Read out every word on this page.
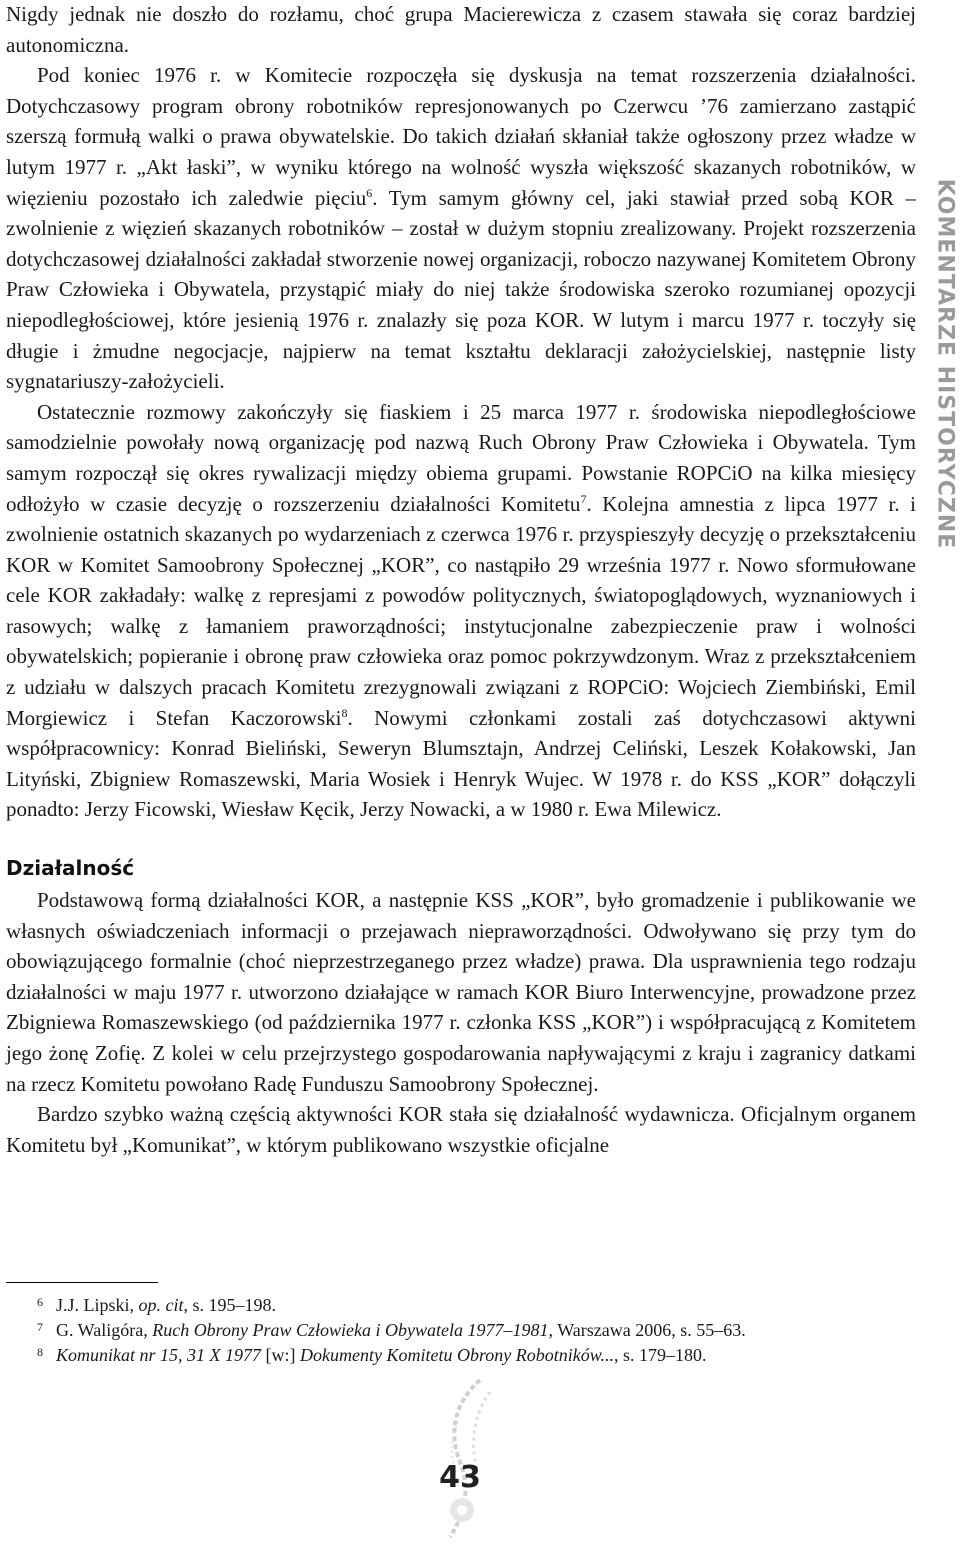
Nigdy jednak nie doszło do rozłamu, choć grupa Macierewicza z czasem stawała się coraz bardziej autonomiczna.

Pod koniec 1976 r. w Komitecie rozpoczęła się dyskusja na temat rozszerzenia działalności. Dotychczasowy program obrony robotników represjonowanych po Czerwcu ’76 zamierzano zastąpić szerszą formułą walki o prawa obywatelskie. Do takich działań skłaniał także ogłoszony przez władze w lutym 1977 r. „Akt łaski”, w wyniku którego na wolność wyszła większość skazanych robotników, w więzieniu pozostało ich zaledwie pięciu$^6$. Tym samym główny cel, jaki stawiał przed sobą KOR – zwolnienie z więzień skazanych robotników – został w dużym stopniu zrealizowany. Projekt rozszerzenia dotychczasowej działalności zakładał stworzenie nowej organizacji, roboczo nazywanej Komitetem Obrony Praw Człowieka i Obywatela, przystąpić miały do niej także środowiska szeroko rozumianej opozycji niepodległościowej, które jesienią 1976 r. znalazły się poza KOR. W lutym i marcu 1977 r. toczyły się długie i żmudne negocjacje, najpierw na temat kształtu deklaracji założycielskiej, następnie listy sygnatariuszy-założycieli.

Ostatecznie rozmowy zakończyły się fiaskiem i 25 marca 1977 r. środowiska niepodległościowe samodzielnie powołały nową organizację pod nazwą Ruch Obrony Praw Człowieka i Obywatela. Tym samym rozpoczął się okres rywalizacji między obiema grupami. Powstanie ROPCiO na kilka miesięcy odłożyło w czasie decyzję o rozszerzeniu działalności Komitetu$^7$. Kolejna amnestia z lipca 1977 r. i zwolnienie ostatnich skazanych po wydarzeniach z czerwca 1976 r. przyspieszyły decyzję o przekształceniu KOR w Komitet Samoobrony Społecznej „KOR”, co nastąpiło 29 września 1977 r. Nowo sformułowane cele KOR zakładały: walkę z represjami z powodów politycznych, światopoglądowych, wyznaniowych i rasowych; walkę z łamaniem praworządności; instytucjonalne zabezpieczenie praw i wolności obywatelskich; popieranie i obronę praw człowieka oraz pomoc pokrzywdzonym. Wraz z przekształceniem z udziału w dalszych pracach Komitetu zrezygnowali związani z ROPCiO: Wojciech Ziembiński, Emil Morgiewicz i Stefan Kaczorowski$^8$. Nowymi członkami zostali zaś dotychczasowi aktywni współpracownicy: Konrad Bieliński, Seweryn Blumsztajn, Andrzej Celiński, Leszek Kołakowski, Jan Lityński, Zbigniew Romaszewski, Maria Wosiek i Henryk Wujec. W 1978 r. do KSS „KOR” dołączyli ponadto: Jerzy Ficowski, Wiesław Kęcik, Jerzy Nowacki, a w 1980 r. Ewa Milewicz.

Działalność

Podstawową formą działalności KOR, a następnie KSS „KOR”, było gromadzenie i publikowanie we własnych oświadczeniach informacji o przejawach niepraworządności. Odwoływano się przy tym do obowiązującego formalnie (choć nieprzestrzeganego przez władze) prawa. Dla usprawnienia tego rodzaju działalności w maju 1977 r. utworzono działające w ramach KOR Biuro Interwencyjne, prowadzone przez Zbigniewa Romaszewskiego (od października 1977 r. członka KSS „KOR”) i współpracującą z Komitetem jego żonę Zofię. Z kolei w celu przejrzystego gospodarowania napływającymi z kraju i zagranicy datkami na rzecz Komitetu powołano Radę Funduszu Samoobrony Społecznej.

Bardzo szybko ważną częścią aktywności KOR stała się działalność wydawnicza. Oficjalnym organem Komitetu był „Komunikat”, w którym publikowano wszystkie oficjalne

6 J.J. Lipski, op. cit, s. 195–198.
7 G. Waligóra, Ruch Obrony Praw Człowieka i Obywatela 1977–1981, Warszawa 2006, s. 55–63.
8 Komunikat nr 15, 31 X 1977 [w:] Dokumenty Komitetu Obrony Robotników..., s. 179–180.
KOMENTARZE HISTORYCZNE
43
